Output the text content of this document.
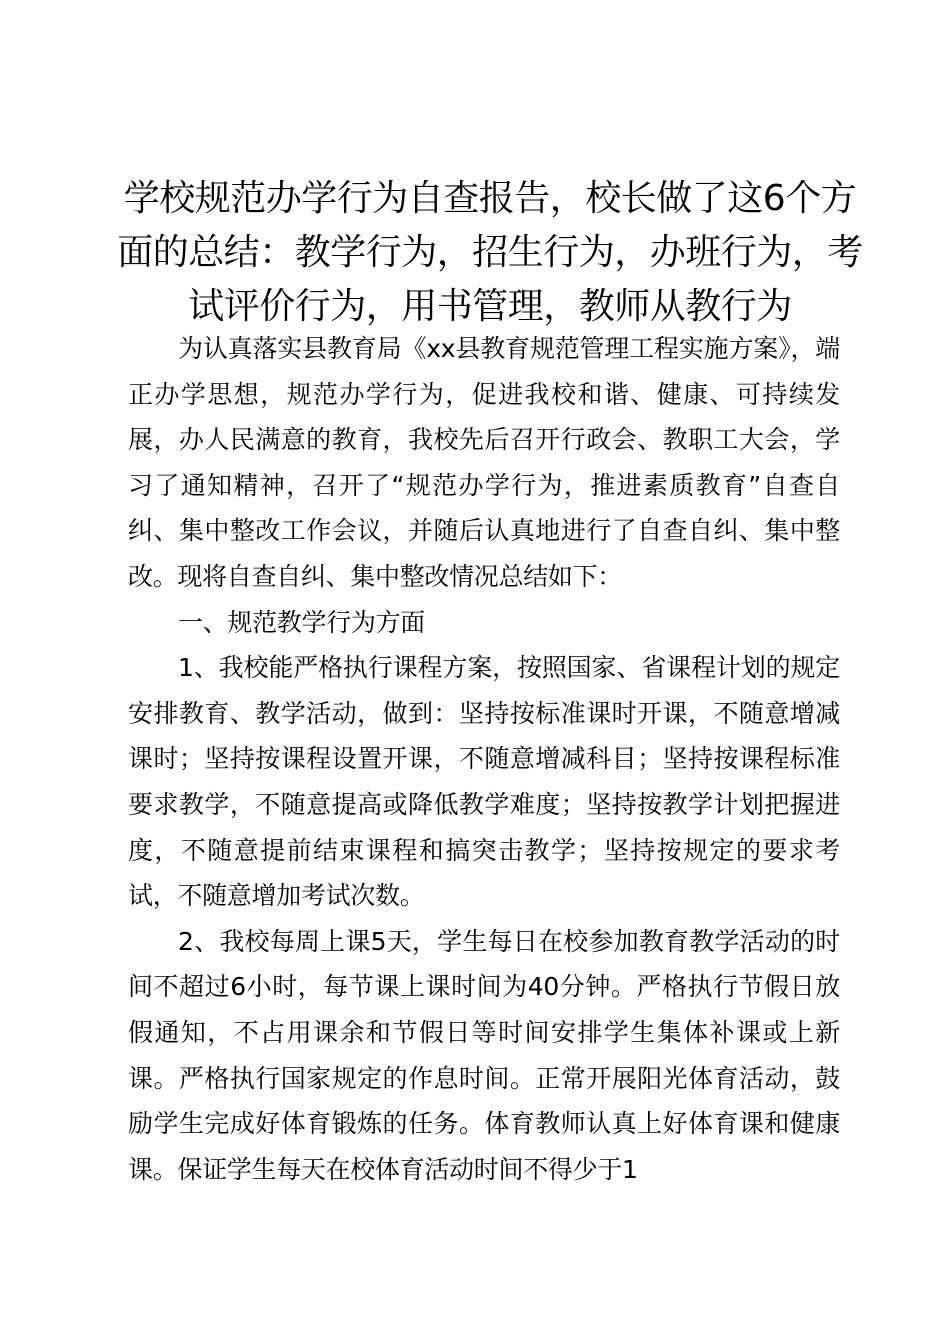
学校规范办学行为自查报告，校长做了这6个方面的总结：教学行为，招生行为，办班行为，考试评价行为，用书管理，教师从教行为

为认真落实县教育局《xx县教育规范管理工程实施方案》，端正办学思想，规范办学行为，促进我校和谐、健康、可持续发展，办人民满意的教育，我校先后召开行政会、教职工大会，学习了通知精神，召开了“规范办学行为，推进素质教育”自查自纠、集中整改工作会议，并随后认真地进行了自查自纠、集中整改。现将自查自纠、集中整改情况总结如下：

一、规范教学行为方面

1、我校能严格执行课程方案，按照国家、省课程计划的规定安排教育、教学活动，做到：坚持按标准课时开课，不随意增减课时；坚持按课程设置开课，不随意增减科目；坚持按课程标准要求教学，不随意提高或降低教学难度；坚持按教学计划把握进度，不随意提前结束课程和搞突击教学；坚持按规定的要求考试，不随意增加考试次数。

2、我校每周上课5天，学生每日在校参加教育教学活动的时间不超过6小时，每节课上课时间为40分钟。严格执行节假日放假通知，不占用课余和节假日等时间安排学生集体补课或上新课。严格执行国家规定的作息时间。正常开展阳光体育活动，鼓励学生完成好体育锻炼的任务。体育教师认真上好体育课和健康课。保证学生每天在校体育活动时间不得少于1
